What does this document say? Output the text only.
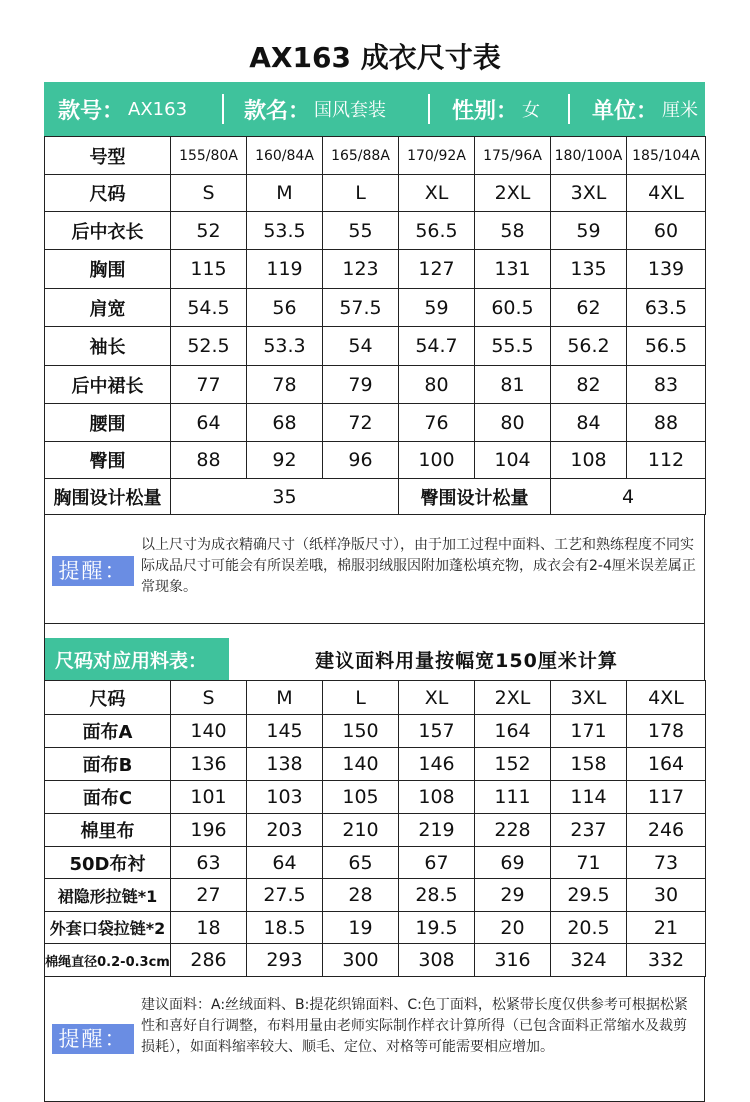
AX163 成衣尺寸表
款号： AX163	款名： 国风套装	性别： 女 单位： 厘米
号型	155/80A	160/84A	165/88A	170/92A	175/96A	180/100A	185/104A
尺码	S	M	L	XL	2XL	3XL	4XL
后中衣长	52	53.5	55	56.5	58	59	60
胸围	115	119	123	127	131	135	139
肩宽	54.5	56	57.5	59	60.5	62	63.5
袖长	52.5	53.3	54	54.7	55.5	56.2	56.5
后中裙长	77	78	79	80	81	82	83
腰围	64	68	72	76	80	84	88
臀围	88	92	96	100	104	108	112
胸围设计松量	35			臀围设计松量		4	
提醒：
以上尺寸为成衣精确尺寸（纸样净版尺寸），由于加工过程中面料、工艺和熟练程度不同实际成品尺寸可能会有所误差哦，棉服羽绒服因附加蓬松填充物，成衣会有2-4厘米误差属正常现象。
尺码对应用料表：	建议面料用量按幅宽150厘米计算
尺码	S	M	L	XL	2XL	3XL	4XL
面布A	140	145	150	157	164	171	178
面布B	136	138	140	146	152	158	164
面布C	101	103	105	108	111	114	117
棉里布	196	203	210	219	228	237	246
50D布衬	63	64	65	67	69	71	73
裙隐形拉链*1	27	27.5	28	28.5	29	29.5	30
外套口袋拉链*2	18	18.5	19	19.5	20	20.5	21
棉绳直径0.2-0.3cm	286	293	300	308	316	324	332
提醒：
建议面料：A:丝绒面料、B:提花织锦面料、C:色丁面料，松紧带长度仅供参考可根据松紧性和喜好自行调整，布料用量由老师实际制作样衣计算所得（已包含面料正常缩水及裁剪损耗），如面料缩率较大、顺毛、定位、对格等可能需要相应增加。
